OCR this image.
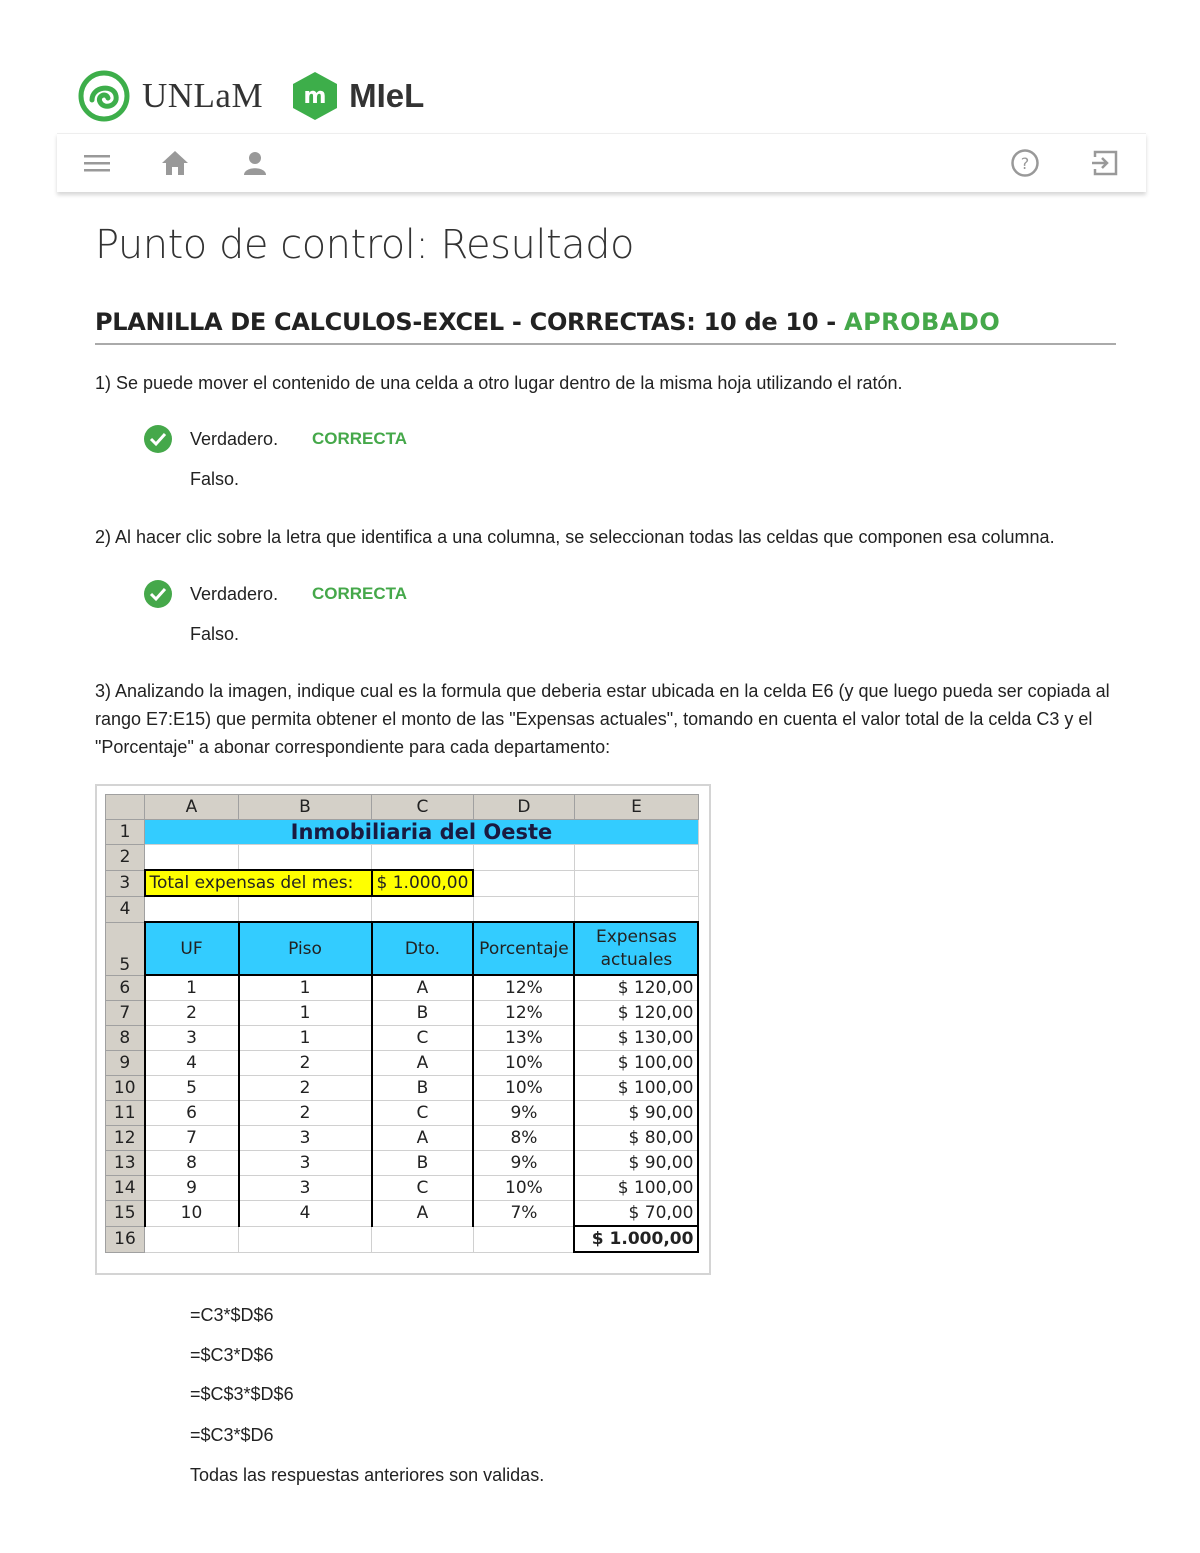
UNLaM m MIeL
?
Punto de control: Resultado
PLANILLA DE CALCULOS-EXCEL - CORRECTAS: 10 de 10 - APROBADO

1) Se puede mover el contenido de una celda a otro lugar dentro de la misma hoja utilizando el ratón.

Verdadero. CORRECTA
Falso.

2) Al hacer clic sobre la letra que identifica a una columna, se seleccionan todas las celdas que componen esa columna.

Verdadero. CORRECTA
Falso.

3) Analizando la imagen, indique cual es la formula que deberia estar ubicada en la celda E6 (y que luego pueda ser copiada al rango E7:E15) que permita obtener el monto de las "Expensas actuales", tomando en cuenta el valor total de la celda C3 y el "Porcentaje" a abonar correspondiente para cada departamento:

	A	B	C	D	E
1	Inmobiliaria del Oeste				
2					
3	Total expensas del mes:		$ 1.000,00		
4					
5	UF	Piso	Dto.	Porcentaje	Expensas
actuales
6	1	1	A	12%	$ 120,00
7	2	1	B	12%	$ 120,00
8	3	1	C	13%	$ 130,00
9	4	2	A	10%	$ 100,00
10	5	2	B	10%	$ 100,00
11	6	2	C	9%	$ 90,00
12	7	3	A	8%	$ 80,00
13	8	3	B	9%	$ 90,00
14	9	3	C	10%	$ 100,00
15	10	4	A	7%	$ 70,00
16					$ 1.000,00
=C3*$D$6
=$C3*D$6
=$C$3*$D$6
=$C3*$D6
Todas las respuestas anteriores son validas.
